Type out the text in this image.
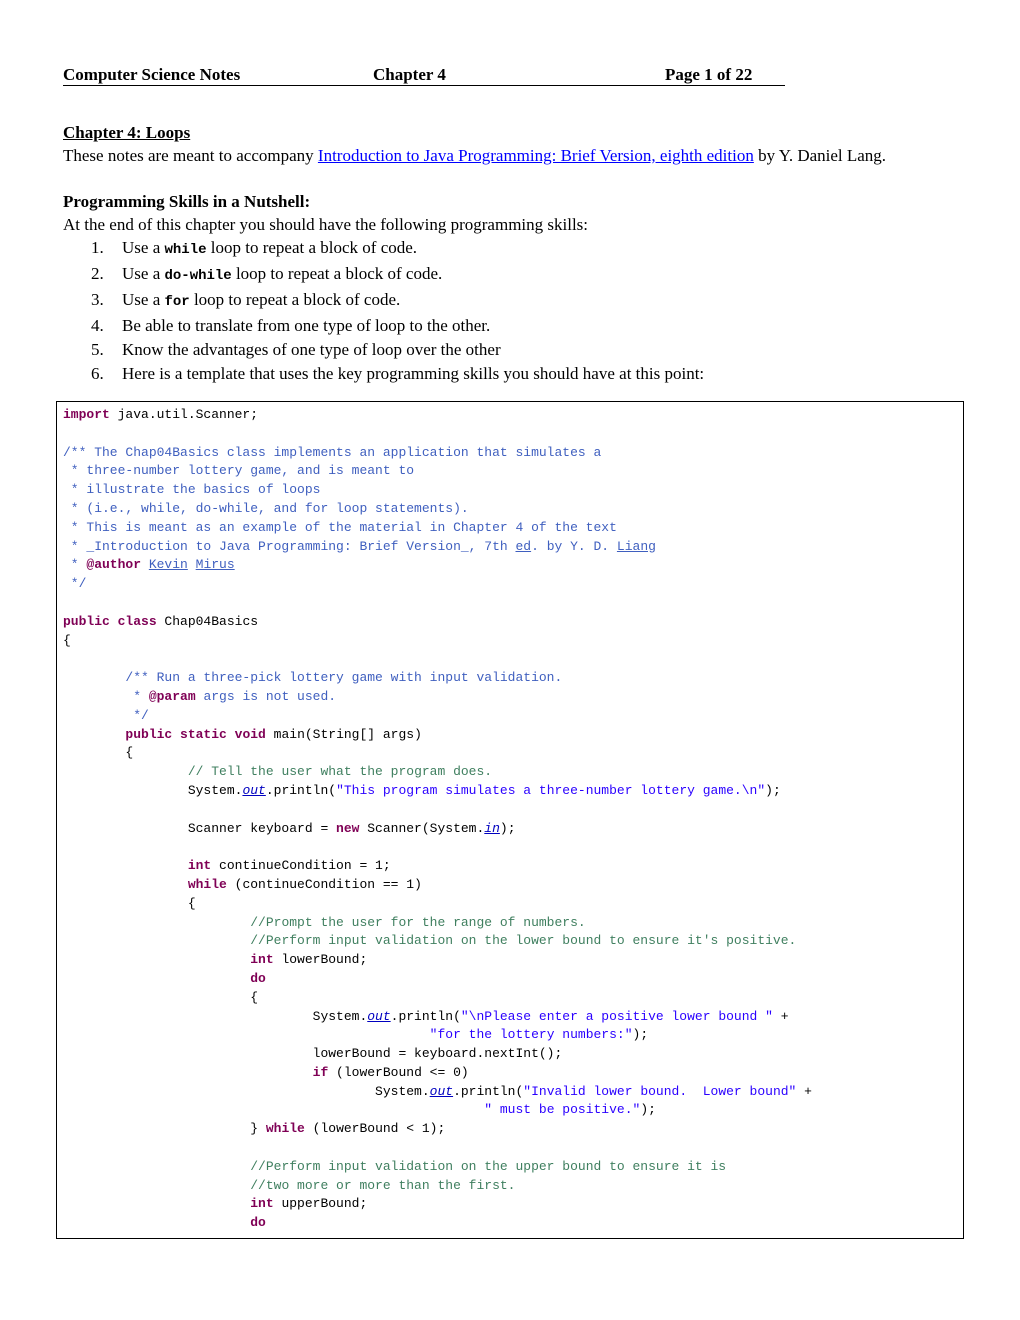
Computer Science Notes	Chapter 4	Page 1 of 22
Chapter 4: Loops

These notes are meant to accompany Introduction to Java Programming: Brief Version, eighth edition by Y. Daniel Lang.

Programming Skills in a Nutshell:
At the end of this chapter you should have the following programming skills:
1. Use a while loop to repeat a block of code.
2. Use a do-while loop to repeat a block of code.
3. Use a for loop to repeat a block of code.
4. Be able to translate from one type of loop to the other.
5. Know the advantages of one type of loop over the other
6. Here is a template that uses the key programming skills you should have at this point:
import java.util.Scanner;

/** The Chap04Basics class implements an application that simulates a
* three-number lottery game, and is meant to
* illustrate the basics of loops
* (i.e., while, do-while, and for loop statements).
* This is meant as an example of the material in Chapter 4 of the text
* _Introduction to Java Programming: Brief Version_, 7th ed. by Y. D. Liang
* @author Kevin Mirus
*/

public class Chap04Basics
{

/** Run a three-pick lottery game with input validation.
* @param args is not used.
*/
public static void main(String[] args)
{
// Tell the user what the program does.
System.out.println("This program simulates a three-number lottery game.\n");

Scanner keyboard = new Scanner(System.in);

int continueCondition = 1;
while (continueCondition == 1)
{
//Prompt the user for the range of numbers.
//Perform input validation on the lower bound to ensure it's positive.
int lowerBound;
do
{
System.out.println("\nPlease enter a positive lower bound " +
"for the lottery numbers:");
lowerBound = keyboard.nextInt();
if (lowerBound <= 0)
System.out.println("Invalid lower bound.  Lower bound" +
" must be positive.");
} while (lowerBound < 1);

//Perform input validation on the upper bound to ensure it is
//two more or more than the first.
int upperBound;
do
